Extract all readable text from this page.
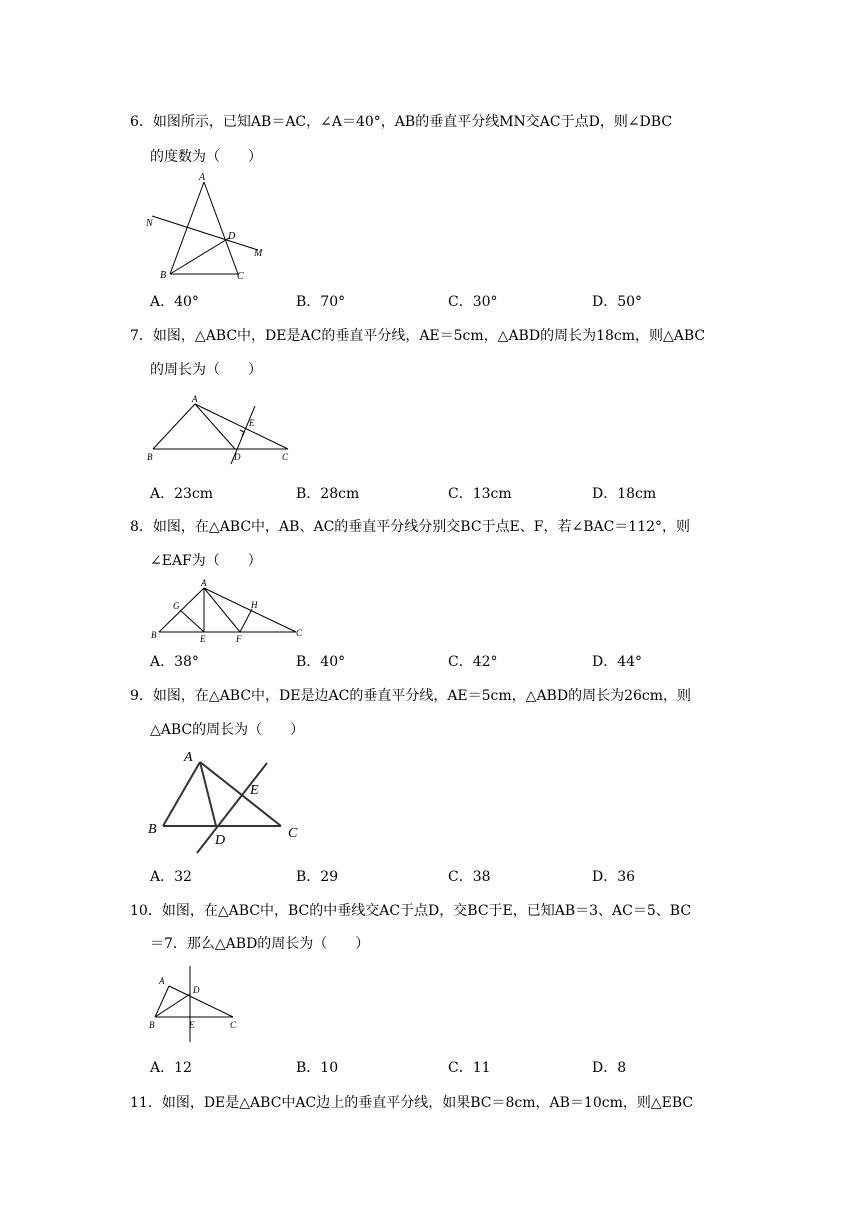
6．如图所示，已知AB＝AC，∠A＝40°，AB的垂直平分线MN交AC于点D，则∠DBC
的度数为（　　）
A
N
D
M
B	C
A．40°	B．70°	C．30°	D．50°
7．如图，△ABC中，DE是AC的垂直平分线，AE＝5cm，△ABD的周长为18cm，则△ABC
的周长为（　　）
A
E
B	D	C
A．23cm	B．28cm	C．13cm	D．18cm
8．如图，在△ABC中，AB、AC的垂直平分线分别交BC于点E、F，若∠BAC＝112°，则
∠EAF为（　　）
A
G	H
B	E	F
C
A．38°	B．40°	C．42°	D．44°
9．如图，在△ABC中，DE是边AC的垂直平分线，AE＝5cm，△ABD的周长为26cm，则
△ABC的周长为（　　）
A
E
B
D	C
A．32	B．29	C．38	D．36
10．如图，在△ABC中，BC的中垂线交AC于点D，交BC于E，已知AB＝3、AC＝5、BC
＝7．那么△ABD的周长为（　　）
A
D
B	E	C
A．12	B．10	C．11	D．8
11．如图，DE是△ABC中AC边上的垂直平分线，如果BC＝8cm，AB＝10cm，则△EBC
